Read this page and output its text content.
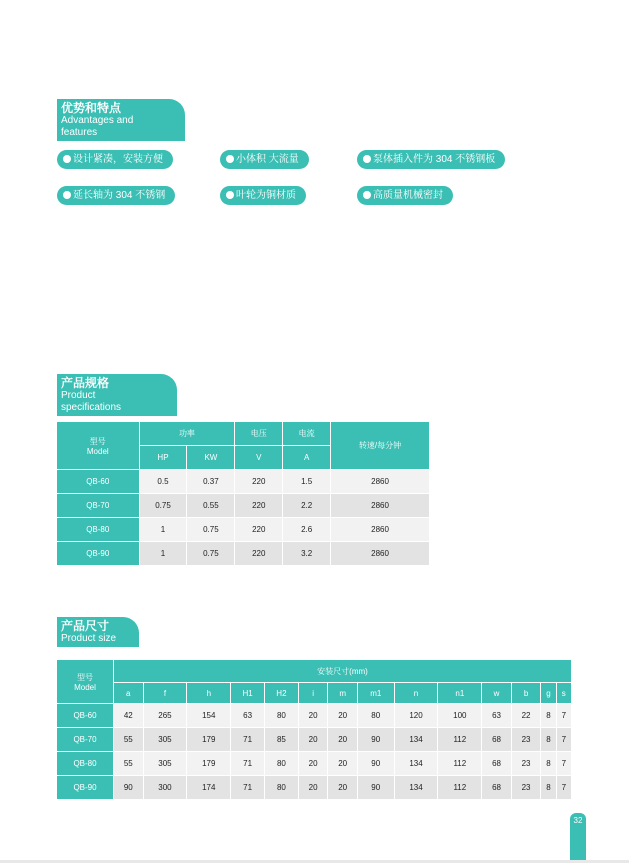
优势和特点
Advantages and features
设计紧凑，安装方便	小体积 大流量	泵体插入件为 304 不锈钢板
延长轴为 304 不锈钢	叶轮为铜材质	高质量机械密封
产品规格
Product specifications
型号
Model	功率		电压	电流	转速/每分钟
	HP	KW	V	A	
QB-60	0.5	0.37	220	1.5	2860
QB-70	0.75	0.55	220	2.2	2860
QB-80	1	0.75	220	2.6	2860
QB-90	1	0.75	220	3.2	2860
产品尺寸
Product size
型号
Model	安装尺寸(mm)													
	a	f	h	H1	H2	i	m	m1	n	n1	w	b	g	s
QB-60	42	265	154	63	80	20	20	80	120	100	63	22	8	7
QB-70	55	305	179	71	85	20	20	90	134	112	68	23	8	7
QB-80	55	305	179	71	80	20	20	90	134	112	68	23	8	7
QB-90	90	300	174	71	80	20	20	90	134	112	68	23	8	7
32
